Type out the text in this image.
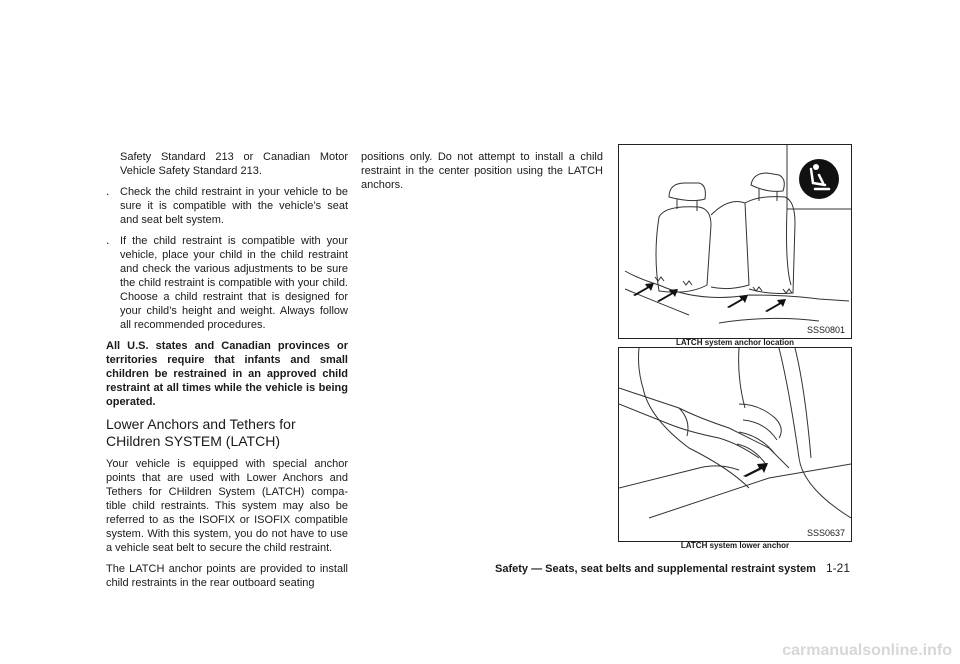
Safety Standard 213 or Canadian Motor Vehicle Safety Standard 213.

. Check the child restraint in your vehicle to be sure it is compatible with the vehicle’s seat and seat belt system.
. If the child restraint is compatible with your vehicle, place your child in the child restraint and check the various adjustments to be sure the child restraint is compatible with your child. Choose a child restraint that is designed for your child’s height and weight. Always follow all recommended procedures.

All U.S. states and Canadian provinces or territories require that infants and small children be restrained in an approved child restraint at all times while the vehicle is being operated.

Lower Anchors and Tethers for CHildren SYSTEM (LATCH)

Your vehicle is equipped with special anchor points that are used with Lower Anchors and Tethers for CHildren System (LATCH) compa-tible child restraints. This system may also be referred to as the ISOFIX or ISOFIX compatible system. With this system, you do not have to use a vehicle seat belt to secure the child restraint.

The LATCH anchor points are provided to install child restraints in the rear outboard seating

positions only. Do not attempt to install a child restraint in the center position using the LATCH anchors.

SSS0801
LATCH system anchor location
SSS0637
LATCH system lower anchor
Safety — Seats, seat belts and supplemental restraint system 1-21
carmanualsonline.info
